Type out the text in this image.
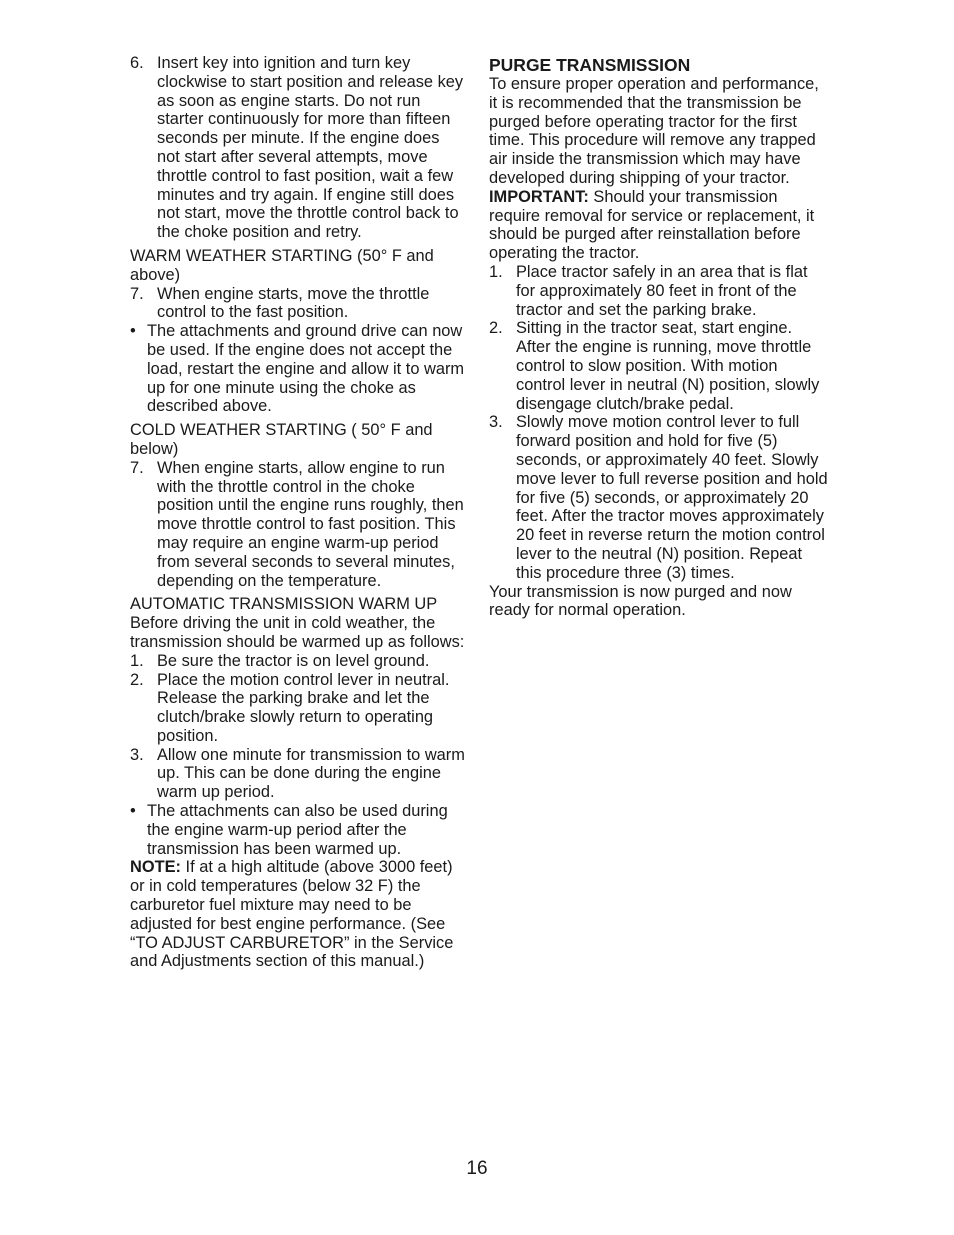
6. Insert key into ignition and turn key clockwise to start position and release key as soon as engine starts. Do not run starter continuously for more than fifteen seconds per minute. If the engine does not start after several attempts, move throttle control to fast position, wait a few minutes and try again. If engine still does not start, move the throttle control back to the choke position and retry.

WARM WEATHER STARTING (50° F and above)

7. When engine starts, move the throttle control to the fast position.

• The attachments and ground drive can now be used. If the engine does not accept the load, restart the engine and allow it to warm up for one minute using the choke as described above.

COLD WEATHER STARTING ( 50° F and below)

7. When engine starts, allow engine to run with the throttle control in the choke position until the engine runs roughly, then move throttle control to fast position. This may require an engine warm-up period from several seconds to several minutes, depending on the temperature.

AUTOMATIC TRANSMISSION WARM UP

Before driving the unit in cold weather, the transmission should be warmed up as follows:

1. Be sure the tractor is on level ground.

2. Place the motion control lever in neutral. Release the parking brake and let the clutch/brake slowly return to operating position.

3. Allow one minute for transmission to warm up. This can be done during the engine warm up period.

• The attachments can also be used during the engine warm-up period after the transmission has been warmed up.

NOTE: If at a high altitude (above 3000 feet) or in cold temperatures (below 32 F) the carburetor fuel mixture may need to be adjusted for best engine performance. (See “TO ADJUST CARBURETOR” in the Service and Adjustments section of this manual.)

PURGE TRANSMISSION

To ensure proper operation and performance, it is recommended that the transmission be purged before operating tractor for the first time. This procedure will remove any trapped air inside the transmission which may have developed during shipping of your tractor.

IMPORTANT: Should your transmission require removal for service or replacement, it should be purged after reinstallation before operating the tractor.

1. Place tractor safely in an area that is flat for approximately 80 feet in front of the tractor and set the parking brake.

2. Sitting in the tractor seat, start engine. After the engine is running, move throttle control to slow position. With motion control lever in neutral (N) position, slowly disengage clutch/brake pedal.

3. Slowly move motion control lever to full forward position and hold for five (5) seconds, or approximately 40 feet. Slowly move lever to full reverse position and hold for five (5) seconds, or approximately 20 feet. After the tractor moves approximately 20 feet in reverse return the motion control lever to the neutral (N) position. Repeat this procedure three (3) times.

Your transmission is now purged and now ready for normal operation.

16
